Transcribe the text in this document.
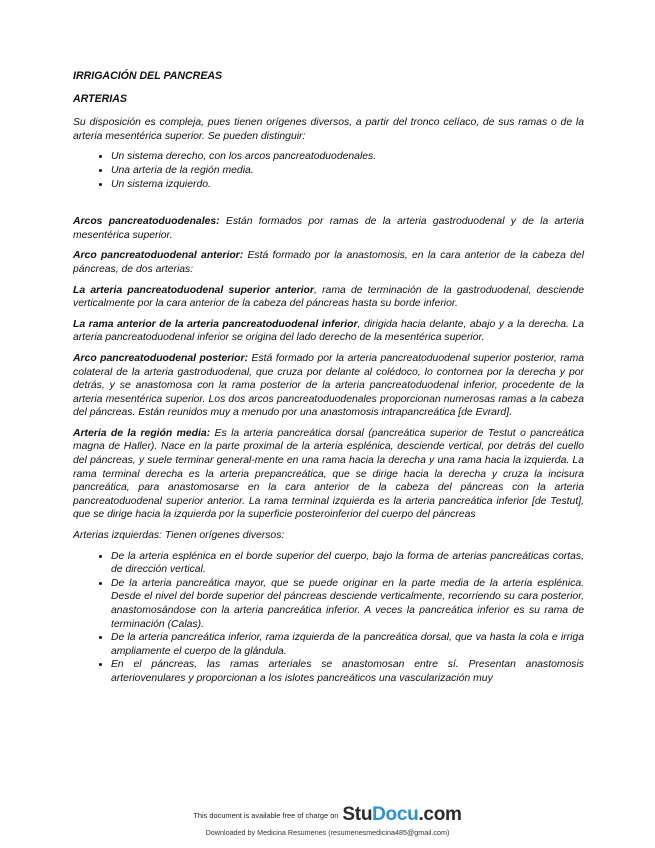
IRRIGACIÓN DEL PANCREAS
ARTERIAS

Su disposición es compleja, pues tienen orígenes diversos, a partir del tronco celíaco, de sus ramas o de la arteria mesentérica superior. Se pueden distinguir:

• Un sistema derecho, con los arcos pancreatoduodenales.
• Una arteria de la región media.
• Un sistema izquierdo.

Arcos pancreatoduodenales: Están formados por ramas de la arteria gastroduodenal y de la arteria mesentérica superior.

Arco pancreatoduodenal anterior: Está formado por la anastomosis, en la cara anterior de la cabeza del páncreas, de dos arterias:

La arteria pancreatoduodenal superior anterior, rama de terminación de la gastroduodenal, desciende verticalmente por la cara anterior de la cabeza del páncreas hasta su borde inferior.

La rama anterior de la arteria pancreatoduodenal inferior, dirigida hacia delante, abajo y a la derecha. La arteria pancreatoduodenal inferior se origina del lado derecho de la mesentérica superior.

Arco pancreatoduodenal posterior: Está formado por la arteria pancreatoduodenal superior posterior, rama colateral de la arteria gastroduodenal, que cruza por delante al colédoco, lo contornea por la derecha y por detrás, y se anastomosa con la rama posterior de la arteria pancreatoduodenal inferior, procedente de la arteria mesentérica superior. Los dos arcos pancreatoduodenales proporcionan numerosas ramas a la cabeza del páncreas. Están reunidos muy a menudo por una anastomosis intrapancreática [de Evrard].

Arteria de la región media: Es la arteria pancreática dorsal (pancreática superior de Testut o pancreática magna de Haller). Nace en la parte proximal de la arteria esplénica, desciende vertical, por detrás del cuello del páncreas, y suele terminar general-mente en una rama hacia la derecha y una rama hacia la izquierda. La rama terminal derecha es la arteria prepancreática, que se dirige hacia la derecha y cruza la incisura pancreática, para anastomosarse en la cara anterior de la cabeza del páncreas con la arteria pancreatoduodenal superior anterior. La rama terminal izquierda es la arteria pancreática inferior [de Testut], que se dirige hacia la izquierda por la superficie posteroinferior del cuerpo del páncreas

Arterias izquierdas: Tienen orígenes diversos:

• De la arteria esplénica en el borde superior del cuerpo, bajo la forma de arterias pancreáticas cortas, de dirección vertical.
• De la arteria pancreática mayor, que se puede originar en la parte media de la arteria esplénica. Desde el nivel del borde superior del páncreas desciende verticalmente, recorriendo su cara posterior, anastomosándose con la arteria pancreática inferior. A veces la pancreática inferior es su rama de terminación (Calas).
• De la arteria pancreática inferior, rama izquierda de la pancreática dorsal, que va hasta la cola e irriga ampliamente el cuerpo de la glándula.
• En el páncreas, las ramas arteriales se anastomosan entre sí. Presentan anastomosis arteriovenulares y proporcionan a los islotes pancreáticos una vascularización muy
This document is available free of charge on StuDocu.com
Downloaded by Medicina Resumenes (resumenesmedicina485@gmail.com)
